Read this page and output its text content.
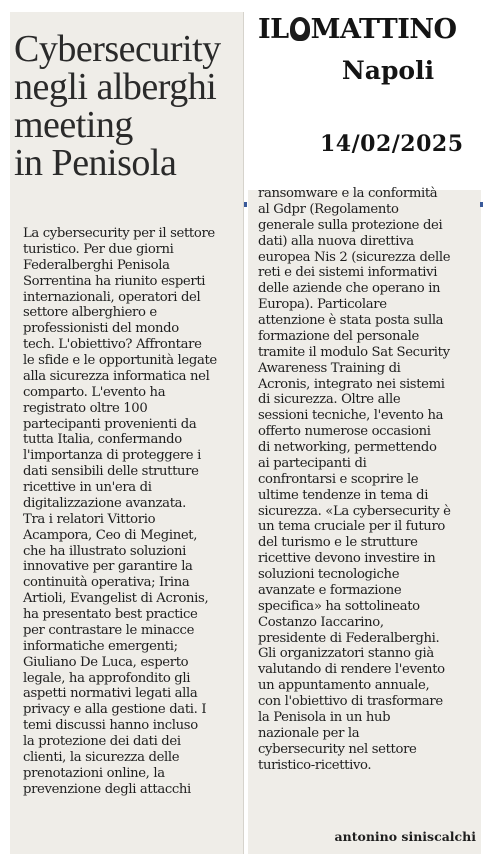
Cybersecurity
negli alberghi
meeting
in Penisola

La cybersecurity per il settore
turistico. Per due giorni
Federalberghi Penisola
Sorrentina ha riunito esperti
internazionali, operatori del
settore alberghiero e
professionisti del mondo
tech. L'obiettivo? Affrontare
le sfide e le opportunità legate
alla sicurezza informatica nel
comparto. L'evento ha
registrato oltre 100
partecipanti provenienti da
tutta Italia, confermando
l'importanza di proteggere i
dati sensibili delle strutture
ricettive in un'era di
digitalizzazione avanzata.
Tra i relatori Vittorio
Acampora, Ceo di Meginet,
che ha illustrato soluzioni
innovative per garantire la
continuità operativa; Irina
Artioli, Evangelist di Acronis,
ha presentato best practice
per contrastare le minacce
informatiche emergenti;
Giuliano De Luca, esperto
legale, ha approfondito gli
aspetti normativi legati alla
privacy e alla gestione dati. I
temi discussi hanno incluso
la protezione dei dati dei
clienti, la sicurezza delle
prenotazioni online, la
prevenzione degli attacchi

ransomware e la conformità
al Gdpr (Regolamento
generale sulla protezione dei
dati) alla nuova direttiva
europea Nis 2 (sicurezza delle
reti e dei sistemi informativi
delle aziende che operano in
Europa). Particolare
attenzione è stata posta sulla
formazione del personale
tramite il modulo Sat Security
Awareness Training di
Acronis, integrato nei sistemi
di sicurezza. Oltre alle
sessioni tecniche, l'evento ha
offerto numerose occasioni
di networking, permettendo
ai partecipanti di
confrontarsi e scoprire le
ultime tendenze in tema di
sicurezza. «La cybersecurity è
un tema cruciale per il futuro
del turismo e le strutture
ricettive devono investire in
soluzioni tecnologiche
avanzate e formazione
specifica» ha sottolineato
Costanzo Iaccarino,
presidente di Federalberghi.
Gli organizzatori stanno già
valutando di rendere l'evento
un appuntamento annuale,
con l'obiettivo di trasformare
la Penisola in un hub
nazionale per la
cybersecurity nel settore
turistico-ricettivo.

IL MATTINO
Napoli
14/02/2025
antonino siniscalchi
